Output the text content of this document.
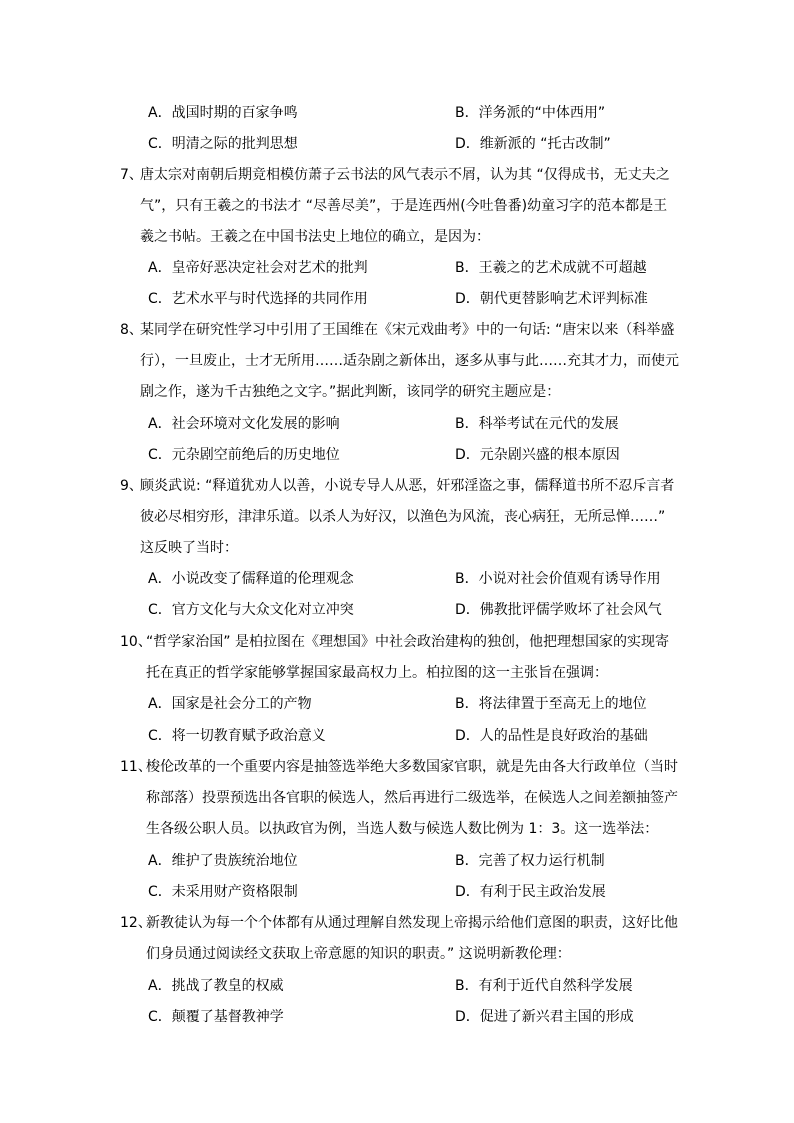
A．战国时期的百家争鸣	B．洋务派的“中体西用”
C．明清之际的批判思想	D．维新派的 “托古改制”
7、
唐太宗对南朝后期竞相模仿萧子云书法的风气表示不屑，认为其 “仅得成书，无丈夫之
气”，只有王羲之的书法才 “尽善尽美”，于是连西州(今吐鲁番)幼童习字的范本都是王
羲之书帖。王羲之在中国书法史上地位的确立，是因为：
A．皇帝好恶决定社会对艺术的批判	B．王羲之的艺术成就不可超越
C．艺术水平与时代选择的共同作用	D．朝代更替影响艺术评判标准
8、
某同学在研究性学习中引用了王国维在《宋元戏曲考》中的一句话: “唐宋以来（科举盛
行），一旦废止，士才无所用……适杂剧之新体出，逐多从事与此……充其才力，而使元
剧之作，遂为千古独绝之文字。”据此判断，该同学的研究主题应是：
A．社会环境对文化发展的影响	B．科举考试在元代的发展
C．元杂剧空前绝后的历史地位	D．元杂剧兴盛的根本原因
9、
顾炎武说: “释道犹劝人以善，小说专导人从恶，奸邪淫盗之事，儒释道书所不忍斥言者
彼必尽相穷形，津津乐道。以杀人为好汉，以渔色为风流，丧心病狂，无所忌惮……”
这反映了当时：
A．小说改变了儒释道的伦理观念	B．小说对社会价值观有诱导作用
C．官方文化与大众文化对立冲突	D．佛教批评儒学败坏了社会风气
10、
“哲学家治国” 是柏拉图在《理想国》中社会政治建构的独创，他把理想国家的实现寄
托在真正的哲学家能够掌握国家最高权力上。柏拉图的这一主张旨在强调：
A．国家是社会分工的产物	B．将法律置于至高无上的地位
C．将一切教育赋予政治意义	D．人的品性是良好政治的基础
11、
梭伦改革的一个重要内容是抽签选举绝大多数国家官职，就是先由各大行政单位（当时
称部落）投票预选出各官职的候选人，然后再进行二级选举，在候选人之间差额抽签产
生各级公职人员。以执政官为例，当选人数与候选人数比例为 1：3。这一选举法：
A．维护了贵族统治地位	B．完善了权力运行机制
C．未采用财产资格限制	D．有利于民主政治发展
12、
新教徒认为每一个个体都有从通过理解自然发现上帝揭示给他们意图的职责，这好比他
们身员通过阅读经文获取上帝意愿的知识的职责。” 这说明新教伦理：
A．挑战了教皇的权威	B．有利于近代自然科学发展
C．颠覆了基督教神学	D．促进了新兴君主国的形成
